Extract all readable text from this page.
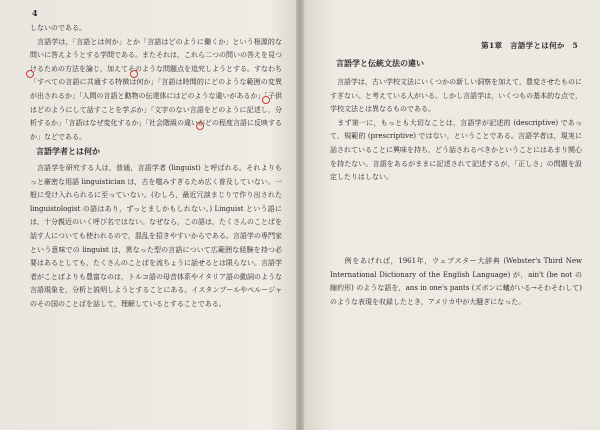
4
しないのである。
　言語学は，「言語とは何か」とか「言語はどのように働くか」という根源的な問いに答えようとする学問である。またそれは，これら二つの問いの答えを見つけるための方法を論じ，加えてそのような問題点を追究しようとする。すなわち「すべての言語に共通する特徴は何か」「言語は時間的にどのような範囲の変異が出されるか」「人間の言語と動物の伝達体にはどのような違いがあるか」「子供はどのようにして話すことを学ぶか」「文字のない言語をどのように記述し，分析するか」「言語はなぜ変化するか」「社会階級の違いがどの程度言語に反映するか」などである。
言語学者とは何か
言語学を研究する人は，普通，言語学者 (linguist) と呼ばれる。それよりもっと厳密な用語 linguistician は，古を嗤みすぎるため広く普及していない。一般に受け入れられるに至っていない。(むしろ，最近冗談まじりで作り出された linguistologist の語はあり，ずっとましかもしれない。) Linguist という語には，十分親近のいく呼び名ではない。なぜなら，この語は，たくさんのことばを話す人についても使われるので，混乱を招きやすいからである。言語学の専門家という意味での linguist は，異なった型の言語について広範囲な経験を持つ必要はあるとしても，たくさんのことばを流ちょうに話せるとは限らない。言語学者がことばよりも豊富なのは，トルコ語の母音体系やイタリア語の動詞のような言語現象を，分析と説明しようとすることにある。イスタンブールやペルージャのその国のことばを話して，理解しているとすることである。
第1章　言語学とは何か　5
言語学と伝統文法の違い
言語学は，古い学校文法にいくつかの新しい洞察を加えて，豊変させたものにすぎない。と考えている人がいる。しかし言語学は，いくつもの基本的な点で，学校文法とは異なるものである。
　まず第一に，もっとも大切なことは，言語学が記述的 (descriptive) であって，規範的 (prescriptive) ではない，ということである。言語学者は，現実に話されていることに興味を持ち，どう話されるべきかということにはあまり関心を持たない。言語をあるがままに記述されて記述するが，「正しさ」の問題を設定したりはしない。
　例をあげれば，1961年，ウェブスター大辞典 (Webster's Third New International Dictionary of the English Language) が，ain't (be not の縮約形) のような語を，ans in one's pants (ズボンに蟻がいる→そわそわして) のような表現を収録したとき，アメリカ中が大騒ぎになった。
